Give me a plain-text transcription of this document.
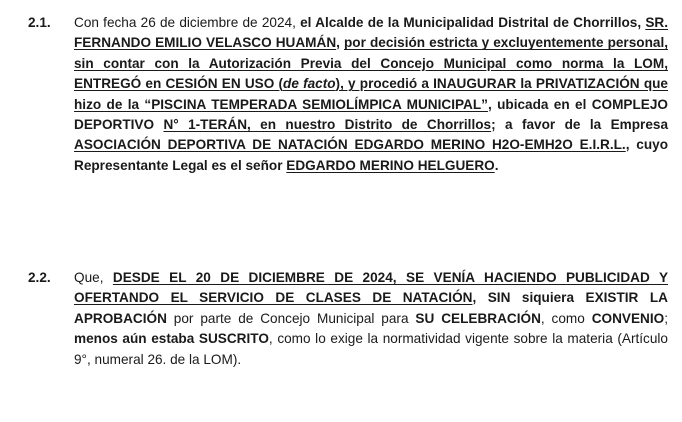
2.1.	Con fecha 26 de diciembre de 2024, el Alcalde de la Municipalidad Distrital de Chorrillos, SR. FERNANDO EMILIO VELASCO HUAMÁN, por decisión estricta y excluyentemente personal, sin contar con la Autorización Previa del Concejo Municipal como norma la LOM, ENTREGÓ en CESIÓN EN USO (de facto), y procedió a INAUGURAR la PRIVATIZACIÓN que hizo de la “PISCINA TEMPERADA SEMIOLÍMPICA MUNICIPAL”, ubicada en el COMPLEJO DEPORTIVO N° 1-TERÁN, en nuestro Distrito de Chorrillos; a favor de la Empresa ASOCIACIÓN DEPORTIVA DE NATACIÓN EDGARDO MERINO H2O-EMH2O E.I.R.L., cuyo Representante Legal es el señor EDGARDO MERINO HELGUERO.
2.2.	Que, DESDE EL 20 DE DICIEMBRE DE 2024, SE VENÍA HACIENDO PUBLICIDAD Y OFERTANDO EL SERVICIO DE CLASES DE NATACIÓN, SIN siquiera EXISTIR LA APROBACIÓN por parte de Concejo Municipal para SU CELEBRACIÓN, como CONVENIO; menos aún estaba SUSCRITO, como lo exige la normatividad vigente sobre la materia (Artículo 9°, numeral 26. de la LOM).
